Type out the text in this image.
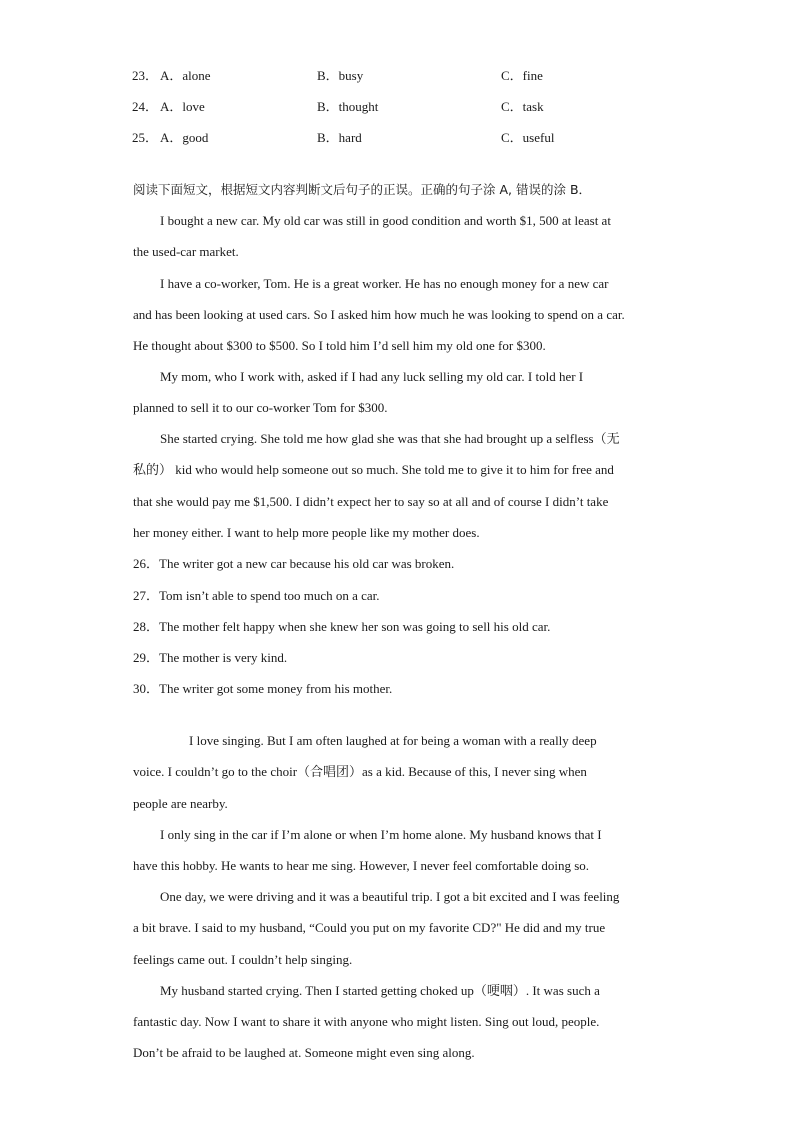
23． A．alone	B．busy	C．fine
24． A．love	B．thought	C．task
25． A．good	B．hard	C．useful
阅读下面短文，根据短文内容判断文后句子的正误。正确的句子涂 A, 错误的涂 B．
I bought a new car. My old car was still in good condition and worth $1, 500 at least at
the used-car market.
I have a co-worker, Tom. He is a great worker. He has no enough money for a new car
and has been looking at used cars. So I asked him how much he was looking to spend on a car.
He thought about $300 to $500. So I told him I’d sell him my old one for $300.
My mom, who I work with, asked if I had any luck selling my old car. I told her I
planned to sell it to our co-worker Tom for $300.
She started crying. She told me how glad she was that she had brought up a selfless（无
私的） kid who would help someone out so much. She told me to give it to him for free and
that she would pay me $1,500. I didn’t expect her to say so at all and of course I didn’t take
her money either. I want to help more people like my mother does.
26．The writer got a new car because his old car was broken.
27．Tom isn’t able to spend too much on a car.
28．The mother felt happy when she knew her son was going to sell his old car.
29．The mother is very kind.
30．The writer got some money from his mother.
I love singing. But I am often laughed at for being a woman with a really deep
voice. I couldn’t go to the choir（合唱团）as a kid. Because of this, I never sing when
people are nearby.
I only sing in the car if I’m alone or when I’m home alone. My husband knows that I
have this hobby. He wants to hear me sing. However, I never feel comfortable doing so.
One day, we were driving and it was a beautiful trip. I got a bit excited and I was feeling
a bit brave. I said to my husband, “Could you put on my favorite CD?" He did and my true
feelings came out. I couldn’t help singing.
My husband started crying. Then I started getting choked up（哽咽）. It was such a
fantastic day. Now I want to share it with anyone who might listen. Sing out loud, people.
Don’t be afraid to be laughed at. Someone might even sing along.
